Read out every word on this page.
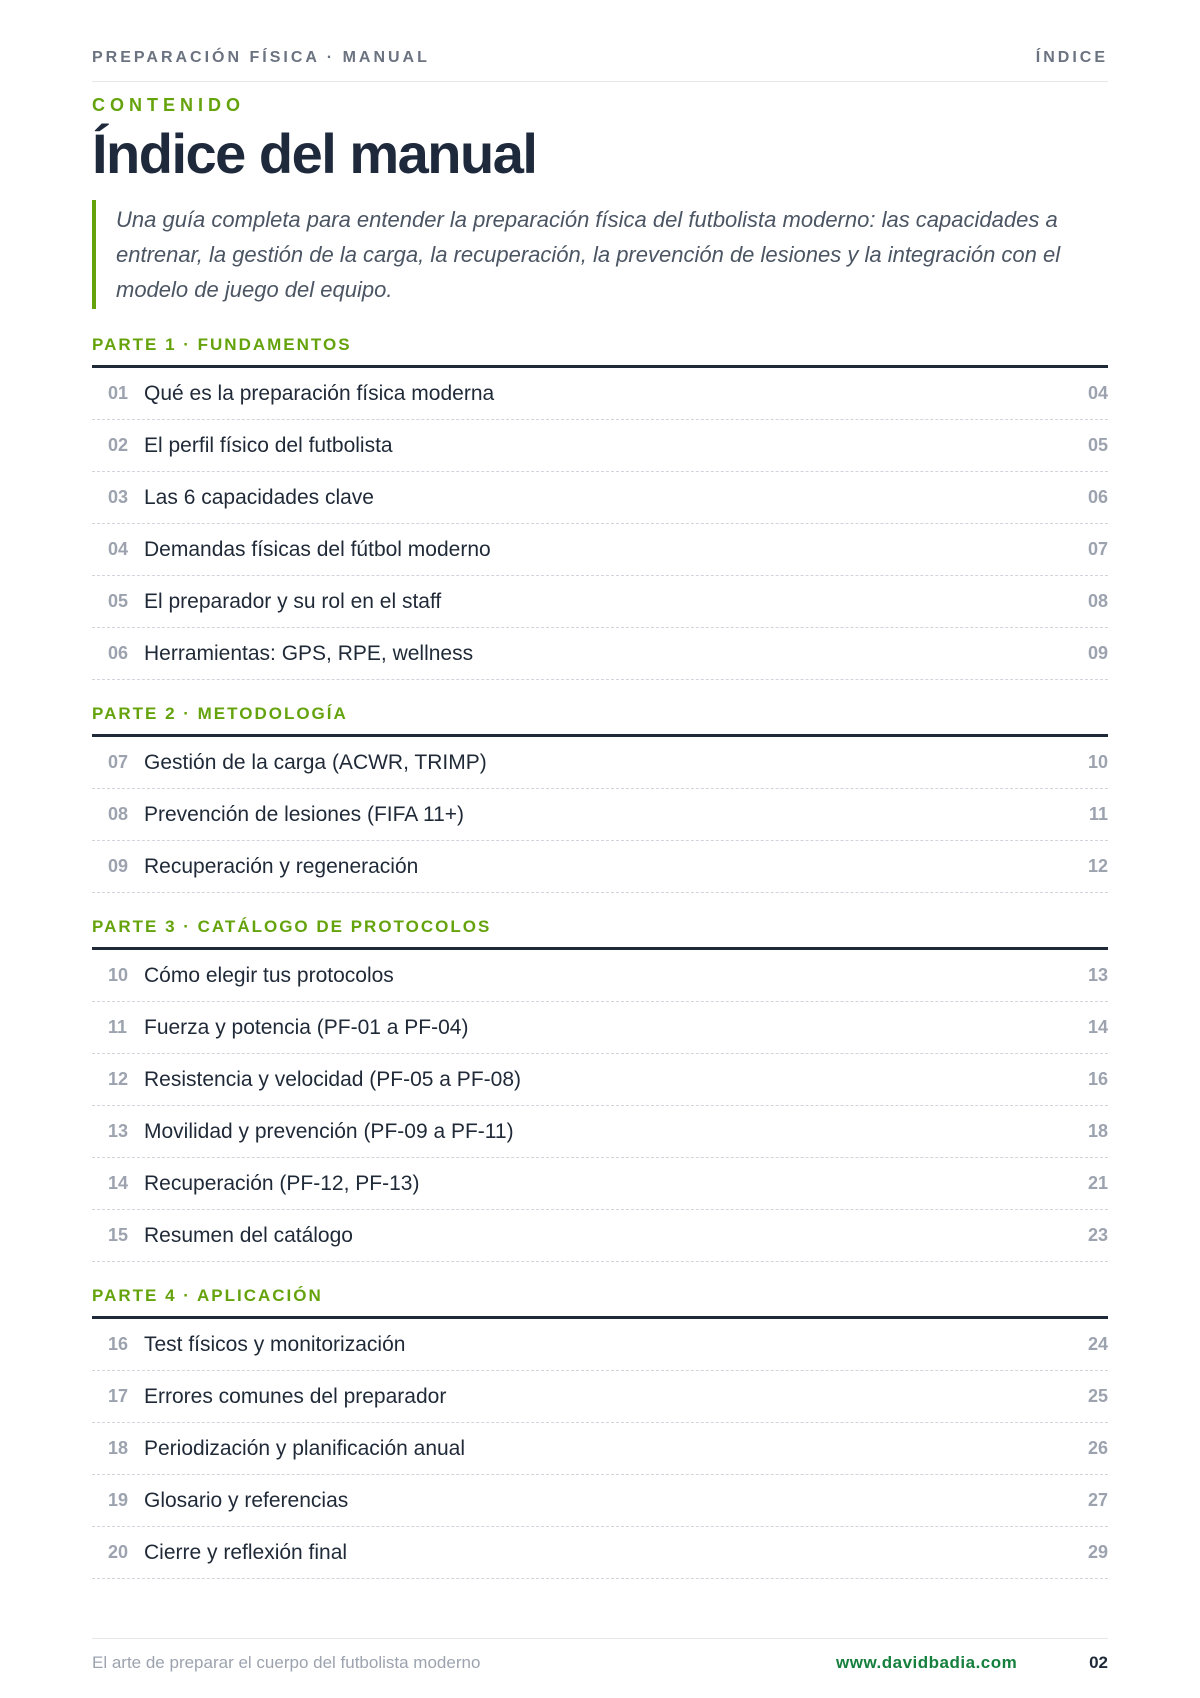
PREPARACIÓN FÍSICA · MANUAL	ÍNDICE
CONTENIDO
Índice del manual
Una guía completa para entender la preparación física del futbolista moderno: las capacidades a entrenar, la gestión de la carga, la recuperación, la prevención de lesiones y la integración con el modelo de juego del equipo.
PARTE 1 · FUNDAMENTOS
01 Qué es la preparación física moderna	04
02 El perfil físico del futbolista	05
03 Las 6 capacidades clave	06
04 Demandas físicas del fútbol moderno	07
05 El preparador y su rol en el staff	08
06 Herramientas: GPS, RPE, wellness	09
PARTE 2 · METODOLOGÍA
07 Gestión de la carga (ACWR, TRIMP)	10
08 Prevención de lesiones (FIFA 11+)	11
09 Recuperación y regeneración	12
PARTE 3 · CATÁLOGO DE PROTOCOLOS
10 Cómo elegir tus protocolos	13
11 Fuerza y potencia (PF-01 a PF-04)	14
12 Resistencia y velocidad (PF-05 a PF-08)	16
13 Movilidad y prevención (PF-09 a PF-11)	18
14 Recuperación (PF-12, PF-13)	21
15 Resumen del catálogo	23
PARTE 4 · APLICACIÓN
16 Test físicos y monitorización	24
17 Errores comunes del preparador	25
18 Periodización y planificación anual	26
19 Glosario y referencias	27
20 Cierre y reflexión final	29
El arte de preparar el cuerpo del futbolista moderno	www.davidbadia.com	02
